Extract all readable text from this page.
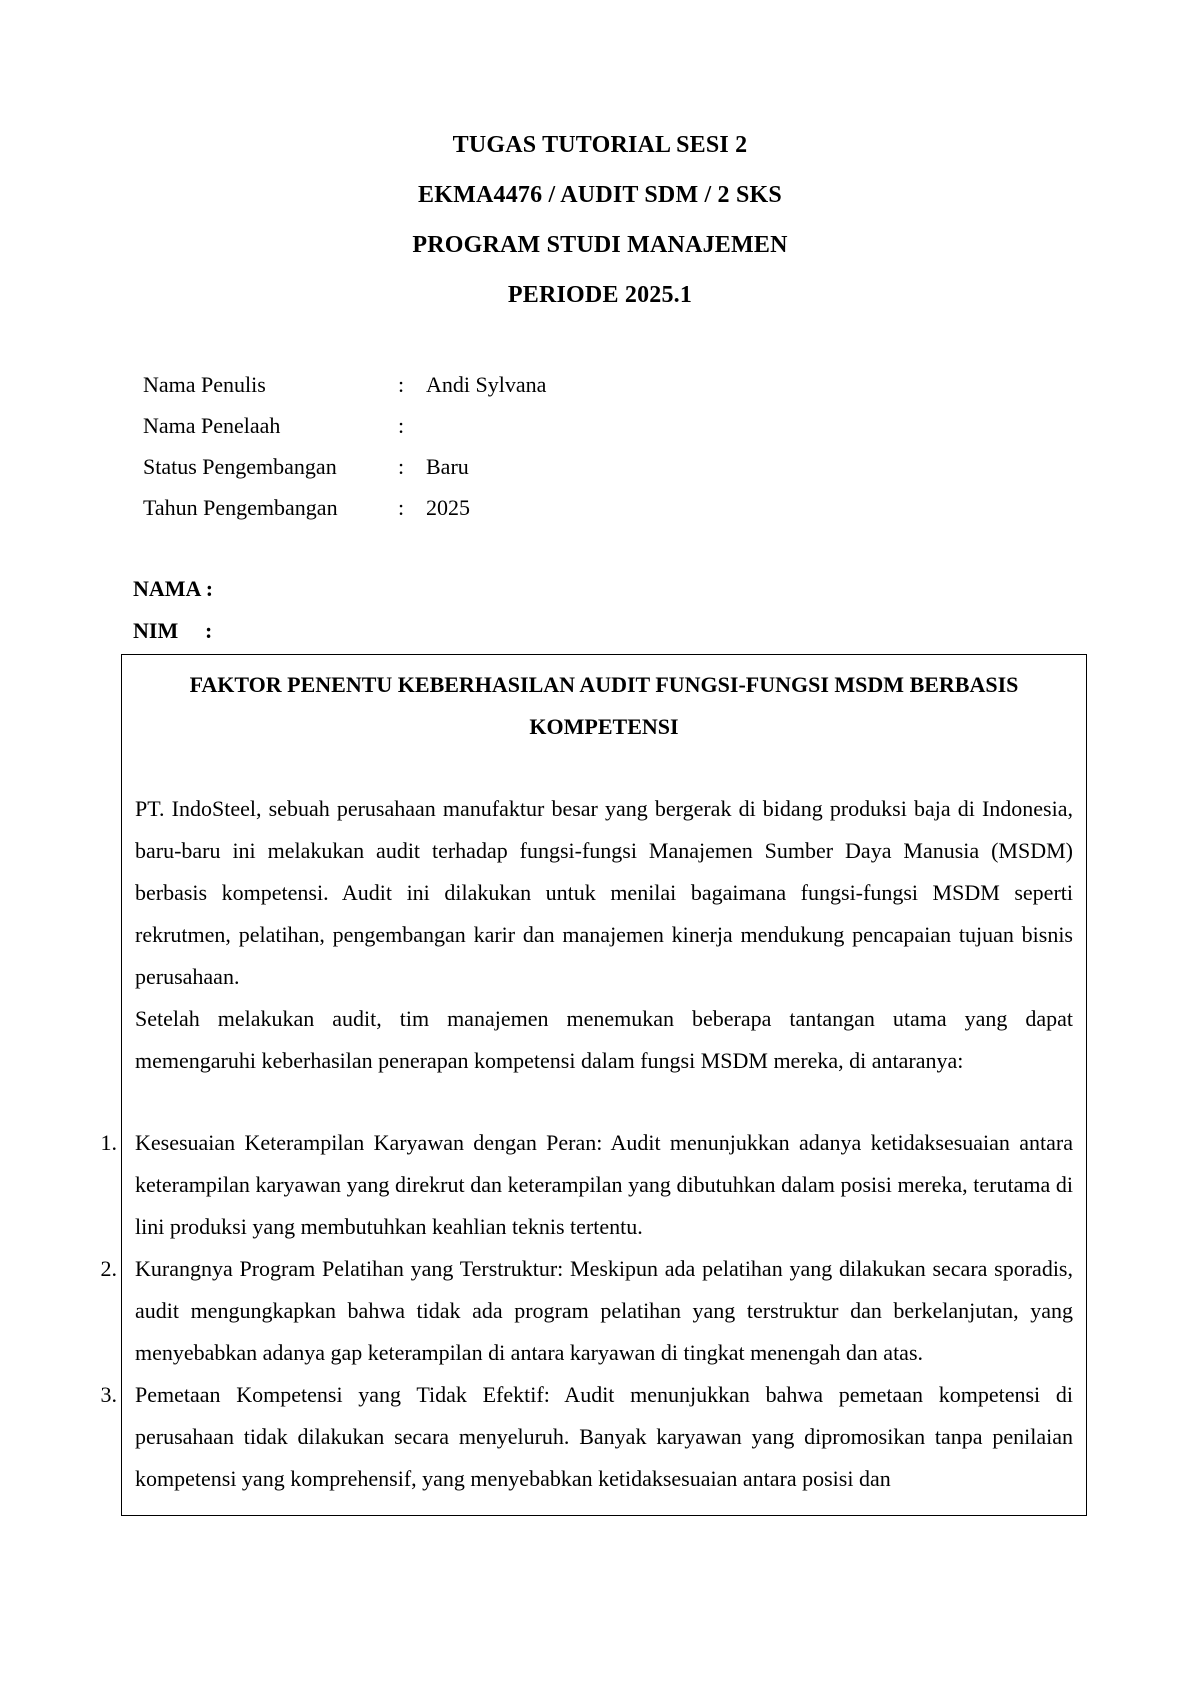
TUGAS TUTORIAL SESI 2
EKMA4476 / AUDIT SDM / 2 SKS
PROGRAM STUDI MANAJEMEN
PERIODE 2025.1
Nama Penulis	: Andi Sylvana
Nama Penelaah	:
Status Pengembangan	: Baru
Tahun Pengembangan	: 2025
NAMA :
NIM	:
FAKTOR PENENTU KEBERHASILAN AUDIT FUNGSI-FUNGSI MSDM BERBASIS KOMPETENSI
PT. IndoSteel, sebuah perusahaan manufaktur besar yang bergerak di bidang produksi baja di Indonesia, baru-baru ini melakukan audit terhadap fungsi-fungsi Manajemen Sumber Daya Manusia (MSDM) berbasis kompetensi. Audit ini dilakukan untuk menilai bagaimana fungsi-fungsi MSDM seperti rekrutmen, pelatihan, pengembangan karir dan manajemen kinerja mendukung pencapaian tujuan bisnis perusahaan.
Setelah melakukan audit, tim manajemen menemukan beberapa tantangan utama yang dapat memengaruhi keberhasilan penerapan kompetensi dalam fungsi MSDM mereka, di antaranya:
1. Kesesuaian Keterampilan Karyawan dengan Peran: Audit menunjukkan adanya ketidaksesuaian antara keterampilan karyawan yang direkrut dan keterampilan yang dibutuhkan dalam posisi mereka, terutama di lini produksi yang membutuhkan keahlian teknis tertentu.
2. Kurangnya Program Pelatihan yang Terstruktur: Meskipun ada pelatihan yang dilakukan secara sporadis, audit mengungkapkan bahwa tidak ada program pelatihan yang terstruktur dan berkelanjutan, yang menyebabkan adanya gap keterampilan di antara karyawan di tingkat menengah dan atas.
3. Pemetaan Kompetensi yang Tidak Efektif: Audit menunjukkan bahwa pemetaan kompetensi di perusahaan tidak dilakukan secara menyeluruh. Banyak karyawan yang dipromosikan tanpa penilaian kompetensi yang komprehensif, yang menyebabkan ketidaksesuaian antara posisi dan
